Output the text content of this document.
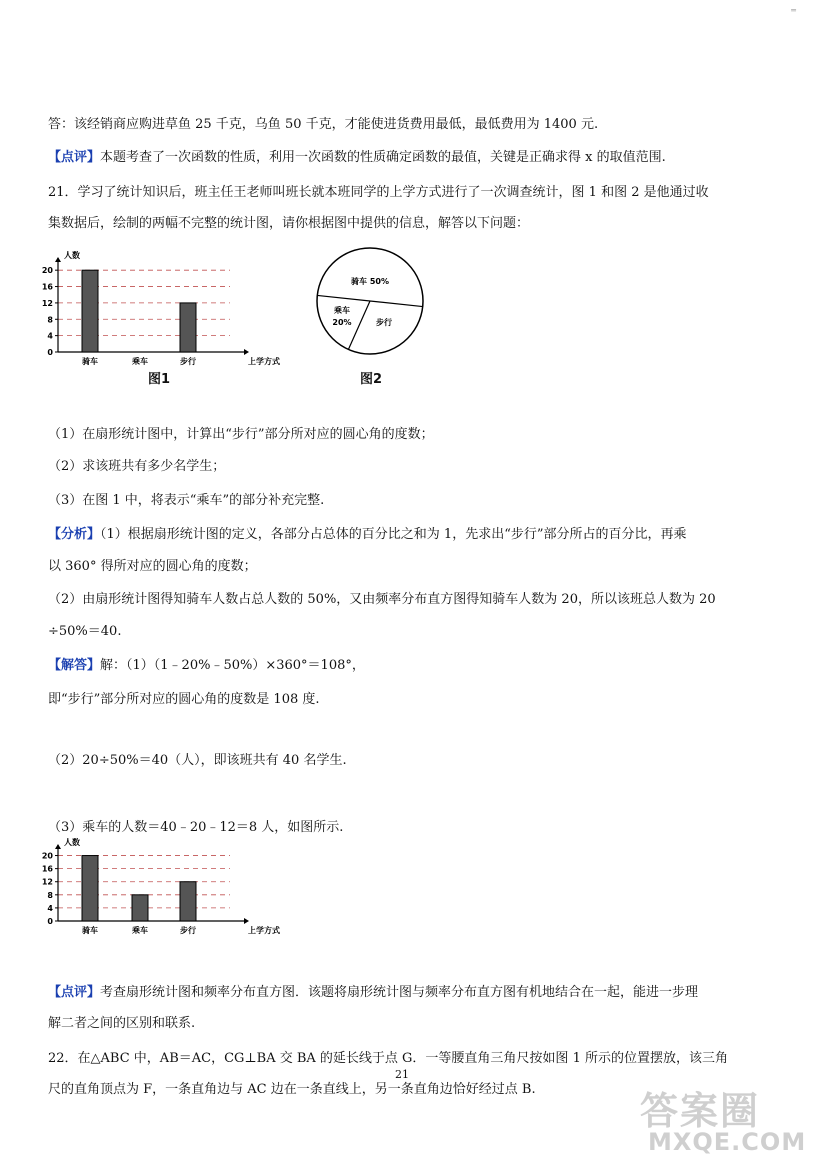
═
答：该经销商应购进草鱼 25 千克，乌鱼 50 千克，才能使进货费用最低，最低费用为 1400 元.
【点评】本题考查了一次函数的性质，利用一次函数的性质确定函数的最值，关键是正确求得 x 的取值范围.
21．学习了统计知识后，班主任王老师叫班长就本班同学的上学方式进行了一次调查统计，图 1 和图 2 是他通过收
集数据后，绘制的两幅不完整的统计图，请你根据图中提供的信息，解答以下问题：
0
4
8
12
16
20
人数
上学方式
骑车	乘车	步行
图1
骑车 50%
乘车
20%	步行
图2
（1）在扇形统计图中，计算出“步行”部分所对应的圆心角的度数；
（2）求该班共有多少名学生；
（3）在图 1 中，将表示“乘车”的部分补充完整.
【分析】（1）根据扇形统计图的定义，各部分占总体的百分比之和为 1，先求出“步行”部分所占的百分比，再乘
以 360° 得所对应的圆心角的度数；
（2）由扇形统计图得知骑车人数占总人数的 50%，又由频率分布直方图得知骑车人数为 20，所以该班总人数为 20
÷50%＝40.
【解答】解：（1）（1﹣20%﹣50%）×360°＝108°，
即“步行”部分所对应的圆心角的度数是 108 度.
（2）20÷50%＝40（人），即该班共有 40 名学生.
（3）乘车的人数＝40﹣20﹣12＝8 人，如图所示.
0
4
8
12
16
20
人数
上学方式
骑车	乘车	步行
【点评】考查扇形统计图和频率分布直方图．该题将扇形统计图与频率分布直方图有机地结合在一起，能进一步理
解二者之间的区别和联系.
22．在△ABC 中，AB＝AC，CG⊥BA 交 BA 的延长线于点 G．一等腰直角三角尺按如图 1 所示的位置摆放，该三角
尺的直角顶点为 F，一条直角边与 AC 边在一条直线上，另一条直角边恰好经过点 B.
21
答案圈
MXQE.COM
